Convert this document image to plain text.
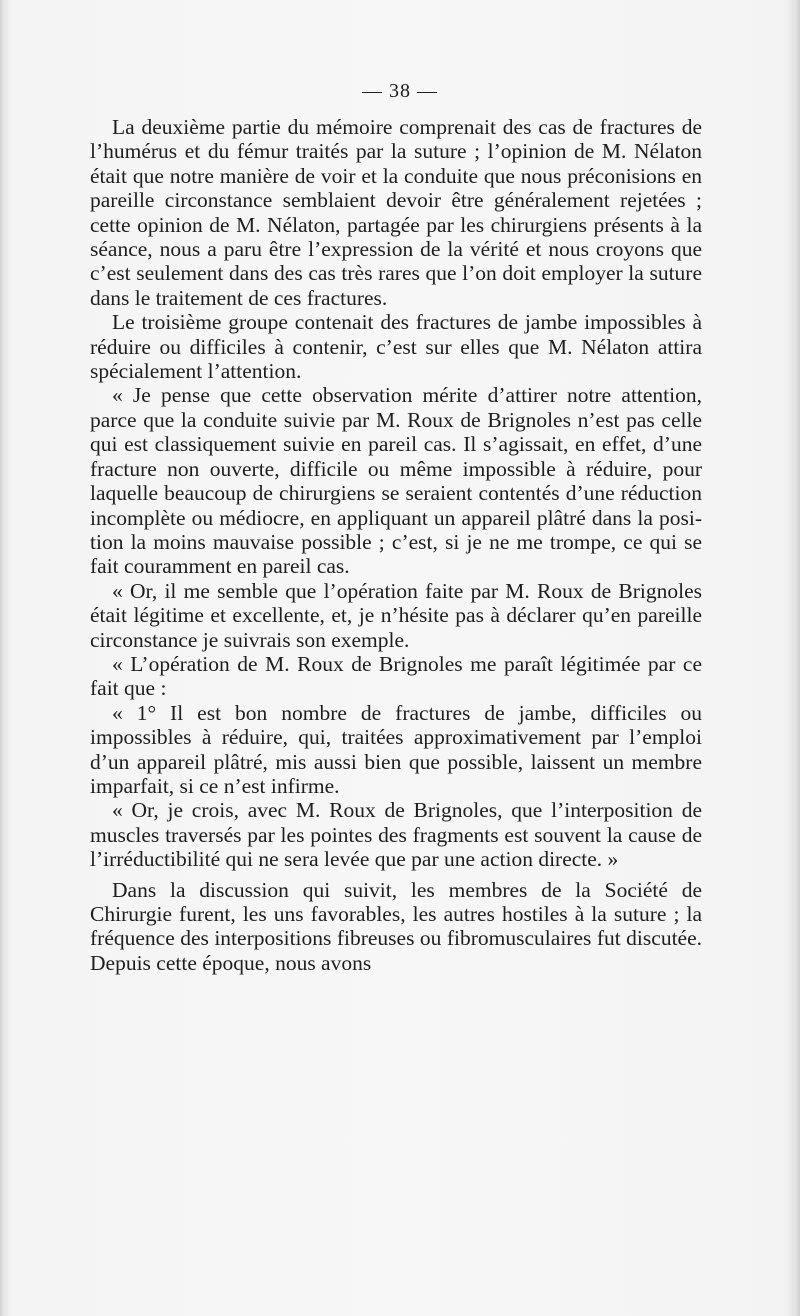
— 38 —

La deuxième partie du mémoire comprenait des cas de fractures de l’humérus et du fémur traités par la suture ; l’opinion de M. Nélaton était que notre manière de voir et la conduite que nous préconisions en pareille circonstance semblaient devoir être généralement rejetées ; cette opinion de M. Nélaton, partagée par les chirurgiens présents à la séance, nous a paru être l’expression de la vérité et nous croyons que c’est seulement dans des cas très rares que l’on doit employer la suture dans le traitement de ces fractures.

Le troisième groupe contenait des fractures de jambe impossibles à réduire ou difficiles à contenir, c’est sur elles que M. Nélaton attira spécialement l’attention.

« Je pense que cette observation mérite d’attirer notre attention, parce que la conduite suivie par M. Roux de Brignoles n’est pas celle qui est classiquement suivie en pareil cas. Il s’agissait, en effet, d’une fracture non ouverte, difficile ou même impossible à réduire, pour laquelle beaucoup de chirurgiens se seraient contentés d’une réduction incomplète ou médiocre, en appliquant un appareil plâtré dans la position la moins mauvaise possible ; c’est, si je ne me trompe, ce qui se fait couramment en pareil cas.

« Or, il me semble que l’opération faite par M. Roux de Brignoles était légitime et excellente, et, je n’hésite pas à déclarer qu’en pareille circonstance je suivrais son exemple.

« L’opération de M. Roux de Brignoles me paraît légitimée par ce fait que :

« 1° Il est bon nombre de fractures de jambe, difficiles ou impossibles à réduire, qui, traitées approximativement par l’emploi d’un appareil plâtré, mis aussi bien que possible, laissent un membre imparfait, si ce n’est infirme.

« Or, je crois, avec M. Roux de Brignoles, que l’interposition de muscles traversés par les pointes des fragments est souvent la cause de l’irréductibilité qui ne sera levée que par une action directe. »

Dans la discussion qui suivit, les membres de la Société de Chirurgie furent, les uns favorables, les autres hostiles à la suture ; la fréquence des interpositions fibreuses ou fibromusculaires fut discutée. Depuis cette époque, nous avons
